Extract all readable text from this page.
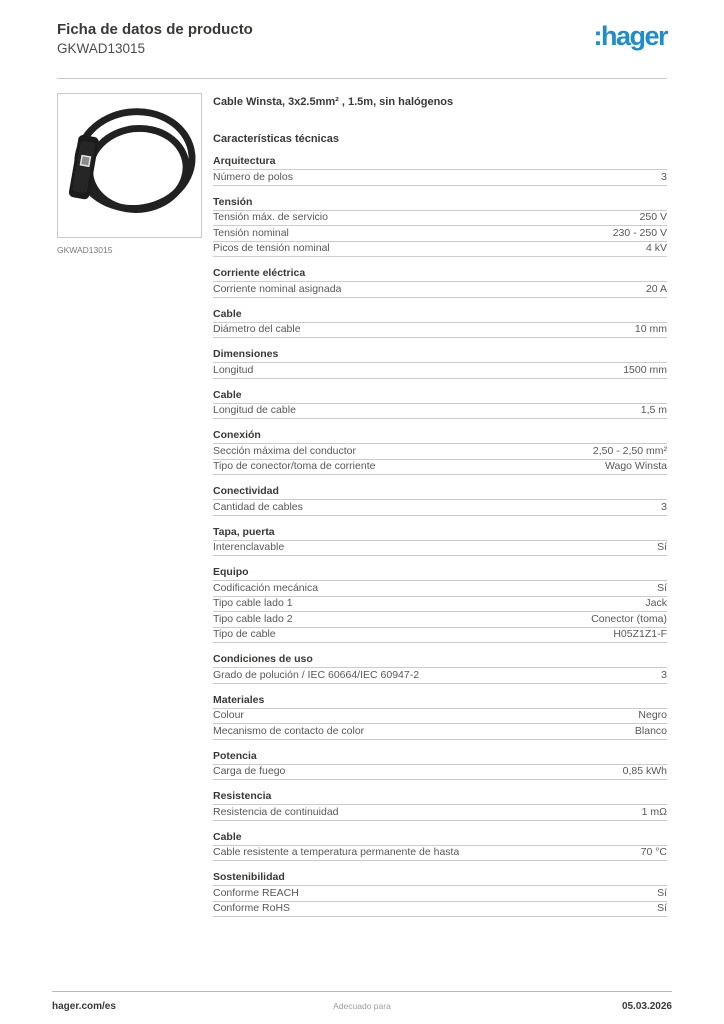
Ficha de datos de producto
GKWAD13015	:hager
GKWAD13015
Cable Winsta, 3x2.5mm² , 1.5m, sin halógenos
Características técnicas
Arquitectura
Número de polos	3
Tensión
Tensión máx. de servicio	250 V
Tensión nominal	230 - 250 V
Picos de tensión nominal	4 kV
Corriente eléctrica
Corriente nominal asignada	20 A
Cable
Diámetro del cable	10 mm
Dimensiones
Longitud	1500 mm
Cable
Longitud de cable	1,5 m
Conexión
Sección máxima del conductor	2,50 - 2,50 mm²
Tipo de conector/toma de corriente	Wago Winsta
Conectividad
Cantidad de cables	3
Tapa, puerta
Interenclavable	Sí
Equipo
Codificación mecánica	Sí
Tipo cable lado 1	Jack
Tipo cable lado 2	Conector (toma)
Tipo de cable	H05Z1Z1-F
Condiciones de uso
Grado de polución / IEC 60664/IEC 60947-2	3
Materiales
Colour	Negro
Mecanismo de contacto de color	Blanco
Potencia
Carga de fuego	0,85 kWh
Resistencia
Resistencia de continuidad	1 mΩ
Cable
Cable resistente a temperatura permanente de hasta	70 °C
Sostenibilidad
Conforme REACH	Sí
Conforme RoHS	Sí
hager.com/es	Adecuado para	05.03.2026
